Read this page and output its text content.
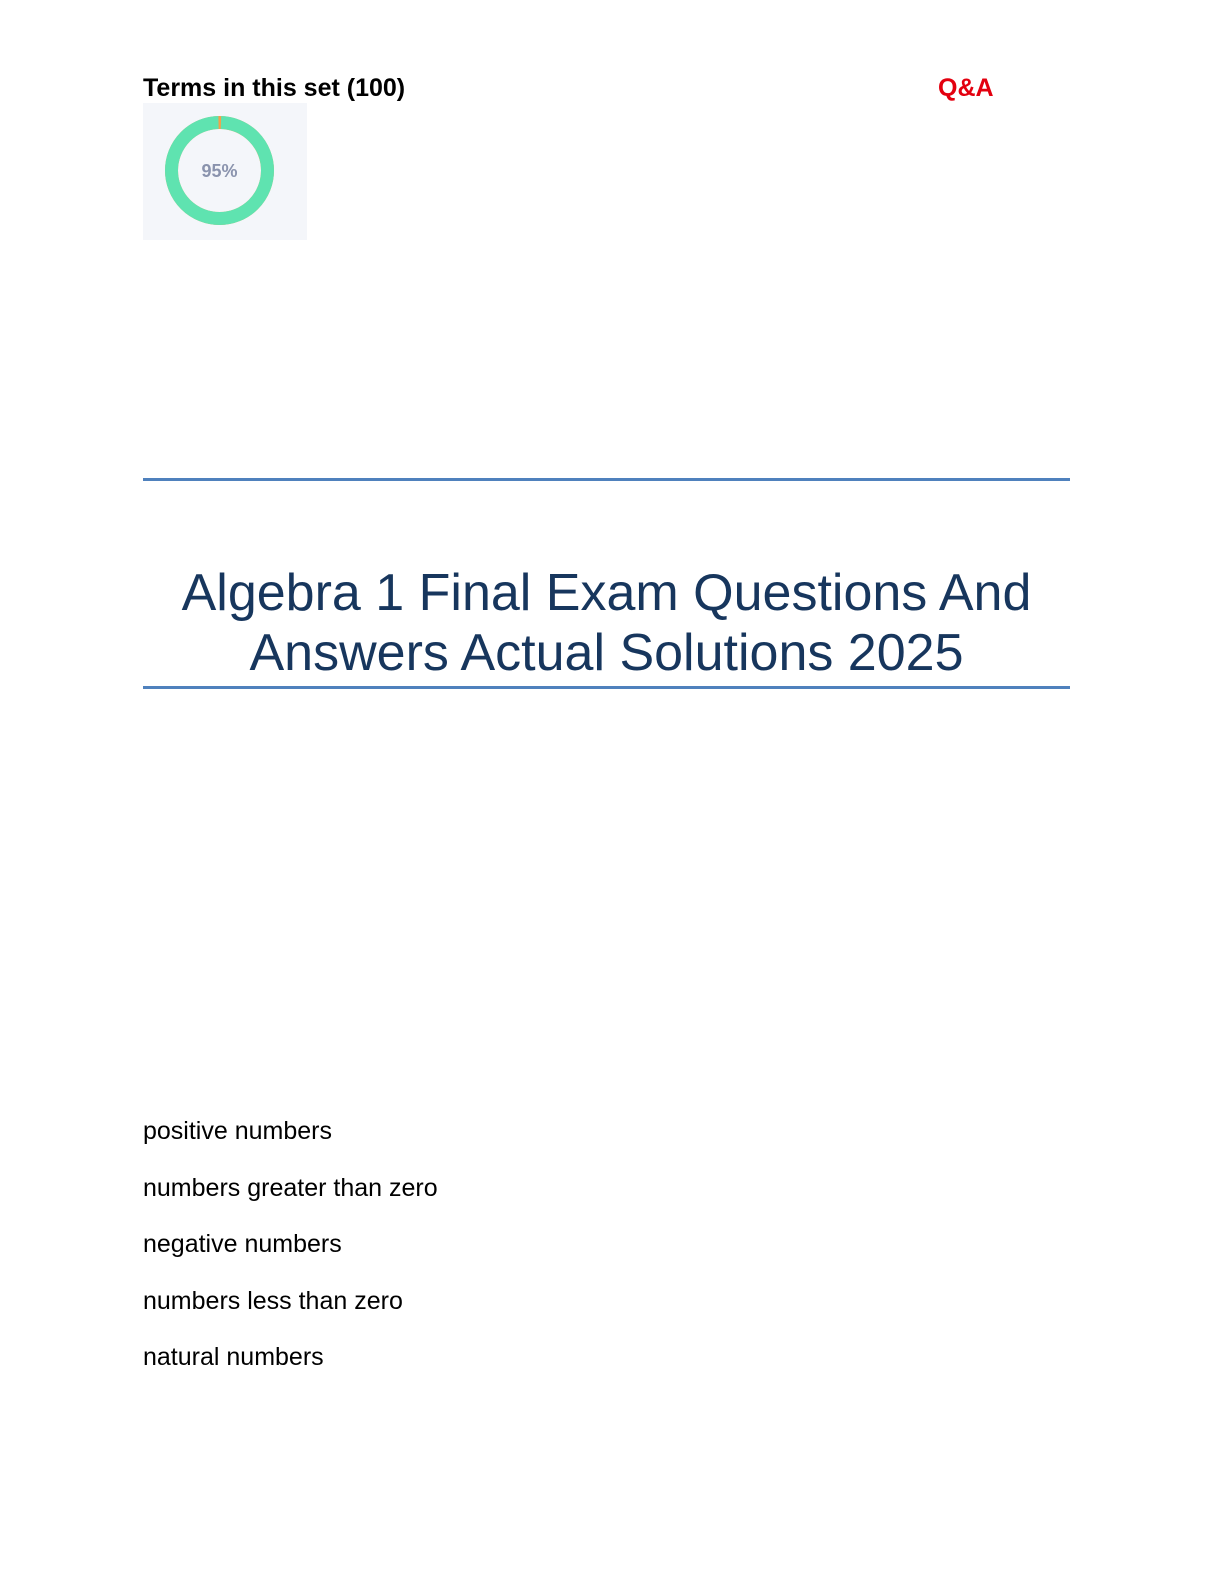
Terms in this set (100)	Q&A
95%
Algebra 1 Final Exam Questions And
Answers Actual Solutions 2025
positive numbers
numbers greater than zero
negative numbers
numbers less than zero
natural numbers
